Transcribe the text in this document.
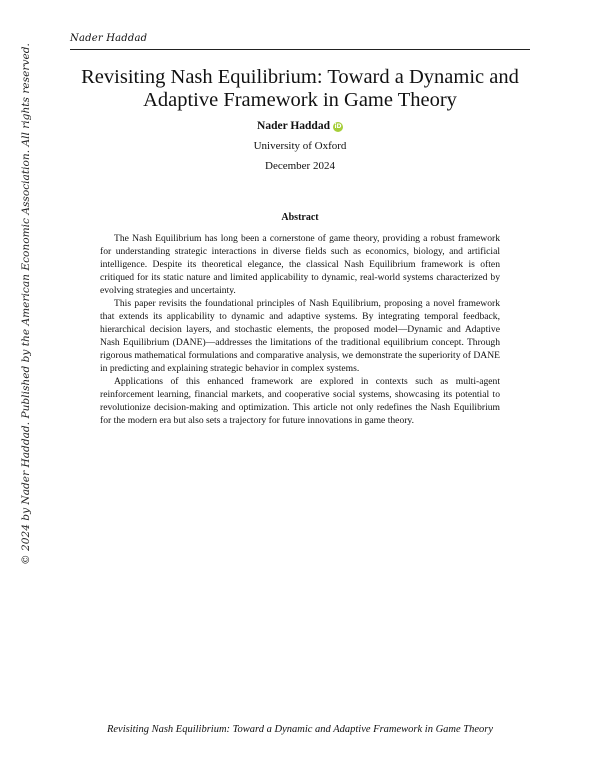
Nader Haddad
© 2024 by Nader Haddad. Published by the American Economic Association. All rights reserved.	Revisiting Nash Equilibrium: Toward a Dynamic and
Adaptive Framework in Game Theory
Nader Haddad iD
University of Oxford
December 2024
Abstract

The Nash Equilibrium has long been a cornerstone of game theory, providing a robust framework for understanding strategic interactions in diverse fields such as economics, biology, and artificial intelligence. Despite its theoretical elegance, the classical Nash Equilibrium framework is often critiqued for its static nature and limited applicability to dynamic, real-world systems characterized by evolving strategies and uncertainty.

This paper revisits the foundational principles of Nash Equilibrium, proposing a novel framework that extends its applicability to dynamic and adaptive systems. By integrating temporal feedback, hierarchical decision layers, and stochastic elements, the proposed model—Dynamic and Adaptive Nash Equilibrium (DANE)—addresses the limitations of the traditional equilibrium concept. Through rigorous mathematical formulations and comparative analysis, we demonstrate the superiority of DANE in predicting and explaining strategic behavior in complex systems.

Applications of this enhanced framework are explored in contexts such as multi-agent reinforcement learning, financial markets, and cooperative social systems, showcasing its potential to revolutionize decision-making and optimization. This article not only redefines the Nash Equilibrium for the modern era but also sets a trajectory for future innovations in game theory.

Revisiting Nash Equilibrium: Toward a Dynamic and Adaptive Framework in Game Theory
